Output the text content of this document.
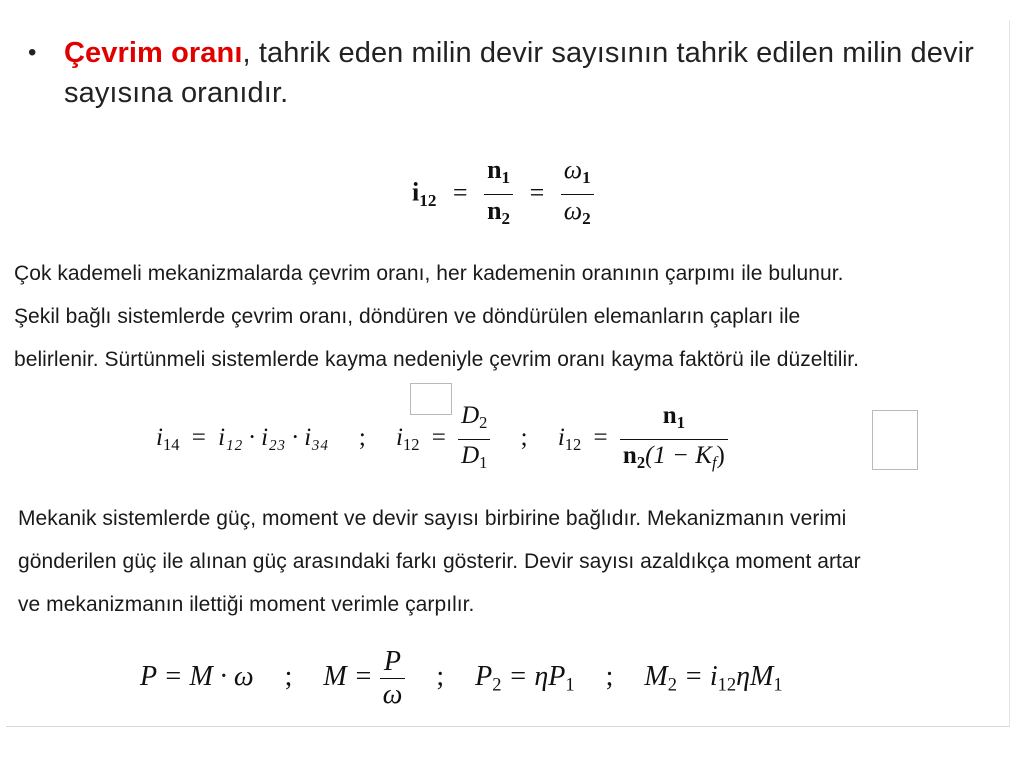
• Çevrim oranı, tahrik eden milin devir sayısının tahrik edilen milin devir sayısına oranıdır.
$i_{12} = \frac{n_1}{n_2} = \frac{\omega_1}{\omega_2}$
Çok kademeli mekanizmalarda çevrim oranı, her kademenin oranının çarpımı ile bulunur.
Şekil bağlı sistemlerde çevrim oranı, döndüren ve döndürülen elemanların çapları ile
belirlenir. Sürtünmeli sistemlerde kayma nedeniyle çevrim oranı kayma faktörü ile düzeltilir.
$i_{14} = i_{12} \cdot i_{23} \cdot i_{34}$ ; $i_{12} = \frac{D_2}{D_1}$ ; $i_{12} = \frac{n_1}{n_2(1 - K_f)}$
Mekanik sistemlerde güç, moment ve devir sayısı birbirine bağlıdır. Mekanizmanın verimi
gönderilen güç ile alınan güç arasındaki farkı gösterir. Devir sayısı azaldıkça moment artar
ve mekanizmanın ilettiği moment verimle çarpılır.
P = M · ω ; $M = \frac{P}{\omega}$ ; $P_2 = \eta P_1$ ; $M_2 = i_{12}\eta M_1$
